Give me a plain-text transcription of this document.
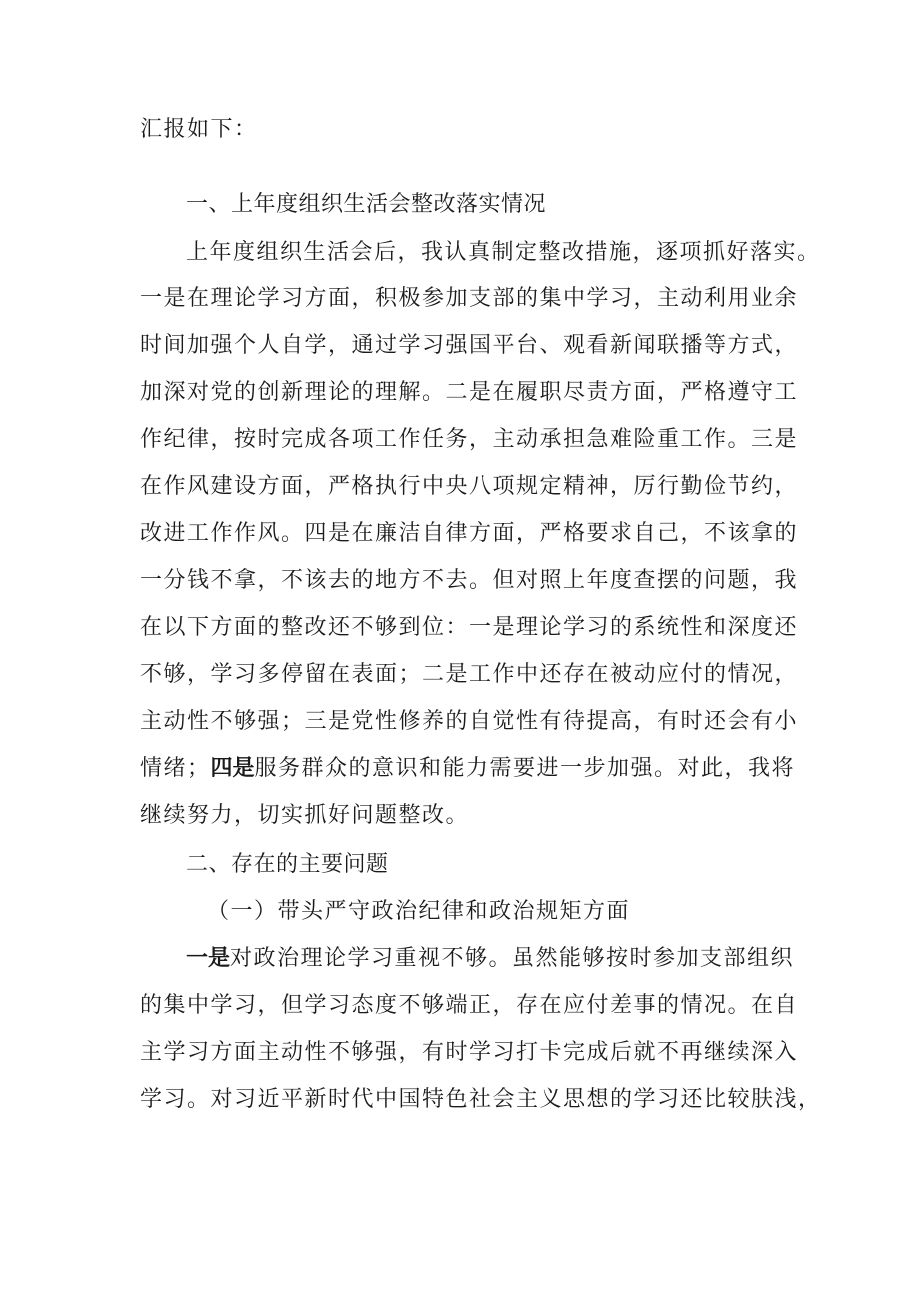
汇报如下：
一、上年度组织生活会整改落实情况
上年度组织生活会后，我认真制定整改措施，逐项抓好落实。
一是在理论学习方面，积极参加支部的集中学习，主动利用业余
时间加强个人自学，通过学习强国平台、观看新闻联播等方式，
加深对党的创新理论的理解。二是在履职尽责方面，严格遵守工
作纪律，按时完成各项工作任务，主动承担急难险重工作。三是
在作风建设方面，严格执行中央八项规定精神，厉行勤俭节约，
改进工作作风。四是在廉洁自律方面，严格要求自己，不该拿的
一分钱不拿，不该去的地方不去。但对照上年度查摆的问题，我
在以下方面的整改还不够到位：一是理论学习的系统性和深度还
不够，学习多停留在表面；二是工作中还存在被动应付的情况，
主动性不够强；三是党性修养的自觉性有待提高，有时还会有小
情绪；四是服务群众的意识和能力需要进一步加强。对此，我将
继续努力，切实抓好问题整改。
二、存在的主要问题
（一）带头严守政治纪律和政治规矩方面
一是对政治理论学习重视不够。虽然能够按时参加支部组织
的集中学习，但学习态度不够端正，存在应付差事的情况。在自
主学习方面主动性不够强，有时学习打卡完成后就不再继续深入
学习。对习近平新时代中国特色社会主义思想的学习还比较肤浅，
